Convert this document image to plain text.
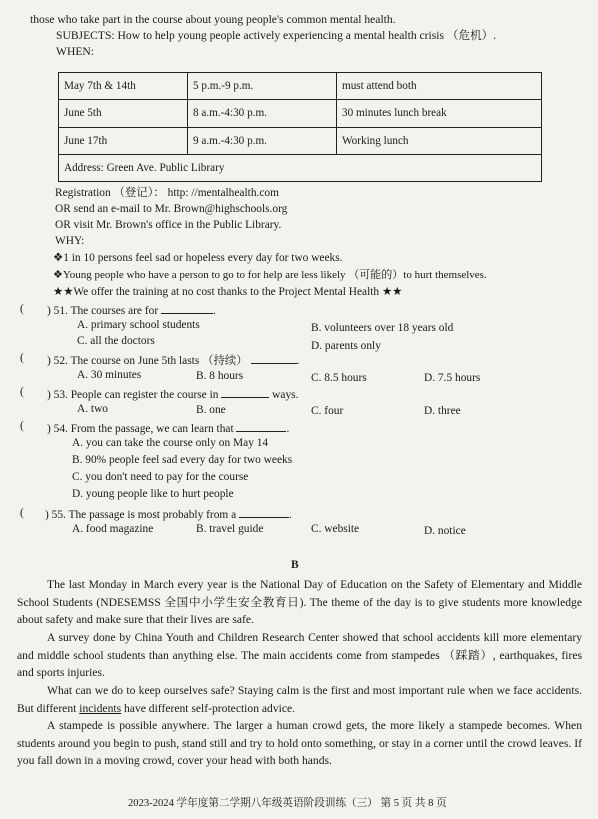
those who take part in the course about young people's common mental health.
SUBJECTS: How to help young people actively experiencing a mental health crisis （危机）.
WHEN:
May 7th & 14th	5 p.m.-9 p.m.	must attend both
June 5th	8 a.m.-4:30 p.m.	30 minutes lunch break
June 17th	9 a.m.-4:30 p.m.	Working lunch
Address: Green Ave. Public Library		
Registration （登记）： http: //mentalhealth.com
OR send an e-mail to Mr. Brown@highschools.org
OR visit Mr. Brown's office in the Public Library.
WHY:
❖1 in 10 persons feel sad or hopeless every day for two weeks.
❖Young people who have a person to go to for help are less likely （可能的）to hurt themselves.
★★We offer the training at no cost thanks to the Project Mental Health ★★
( ) 51. The courses are for	.
A. primary school students	B. volunteers over 18 years old
C. all the doctors	D. parents only
( ) 52. The course on June 5th lasts （持续）	.
A. 30 minutes	B. 8 hours	C. 8.5 hours	D. 7.5 hours
( ) 53. People can register the course in	ways.
A. two	B. one	C. four	D. three
( ) 54. From the passage, we can learn that	.
A. you can take the course only on May 14
B. 90% people feel sad every day for two weeks
C. you don't need to pay for the course
D. young people like to hurt people
( ) 55. The passage is most probably from a	.
A. food magazine	B. travel guide	C. website	D. notice
B
The last Monday in March every year is the National Day of Education on the Safety of Elementary and Middle School Students (NDESEMSS 全国中小学生安全教育日). The theme of the day is to give students more knowledge about safety and make sure that their lives are safe.
A survey done by China Youth and Children Research Center showed that school accidents kill more elementary and middle school students than anything else. The main accidents come from stampedes （踩踏）, earthquakes, fires and sports injuries.
What can we do to keep ourselves safe? Staying calm is the first and most important rule when we face accidents. But different incidents have different self-protection advice.
A stampede is possible anywhere. The larger a human crowd gets, the more likely a stampede becomes. When students around you begin to push, stand still and try to hold onto something, or stay in a corner until the crowd leaves. If you fall down in a moving crowd, cover your head with both hands.
2023-2024 学年度第二学期八年级英语阶段训练（三） 第 5 页 共 8 页
